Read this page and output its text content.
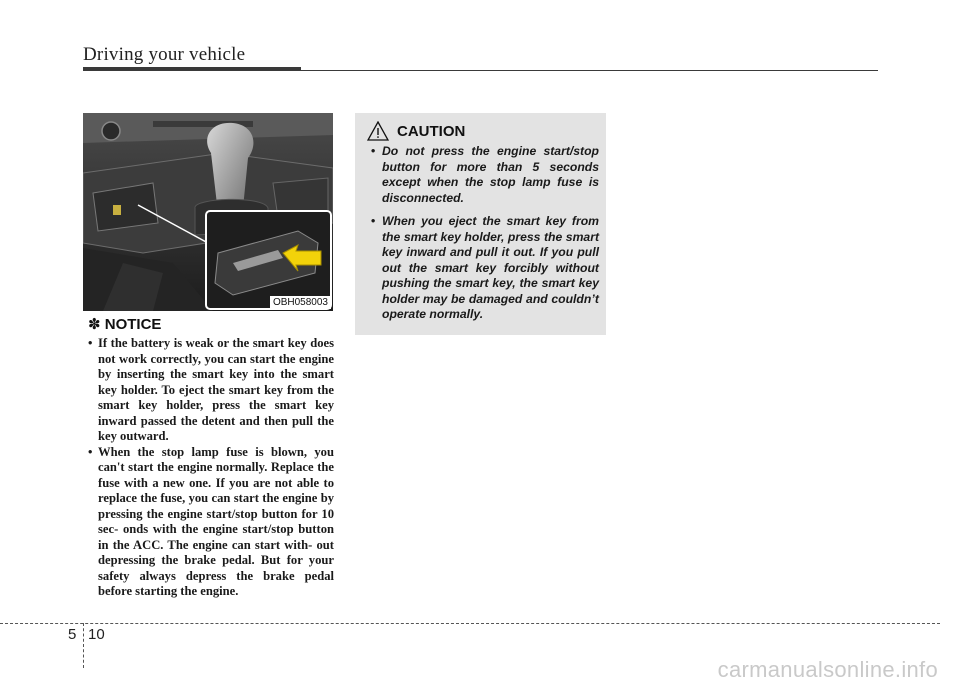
Driving your vehicle
OBH058003
✽ NOTICE
• If the battery is weak or the smart key does not work correctly, you can start the engine by inserting the smart key into the smart key holder. To eject the smart key from the smart key holder, press the smart key inward passed the detent and then pull the key outward.
• When the stop lamp fuse is blown, you can't start the engine normally. Replace the fuse with a new one. If you are not able to replace the fuse, you can start the engine by pressing the engine start/stop button for 10 sec- onds with the engine start/stop button in the ACC. The engine can start with- out depressing the brake pedal. But for your safety always depress the brake pedal before starting the engine.
CAUTION
• Do not press the engine start/stop button for more than 5 seconds except when the stop lamp fuse is disconnected.
• When you eject the smart key from the smart key holder, press the smart key inward and pull it out. If you pull out the smart key forcibly without pushing the smart key, the smart key holder may be damaged and couldn’t operate normally.
5 10
carmanualsonline.info
